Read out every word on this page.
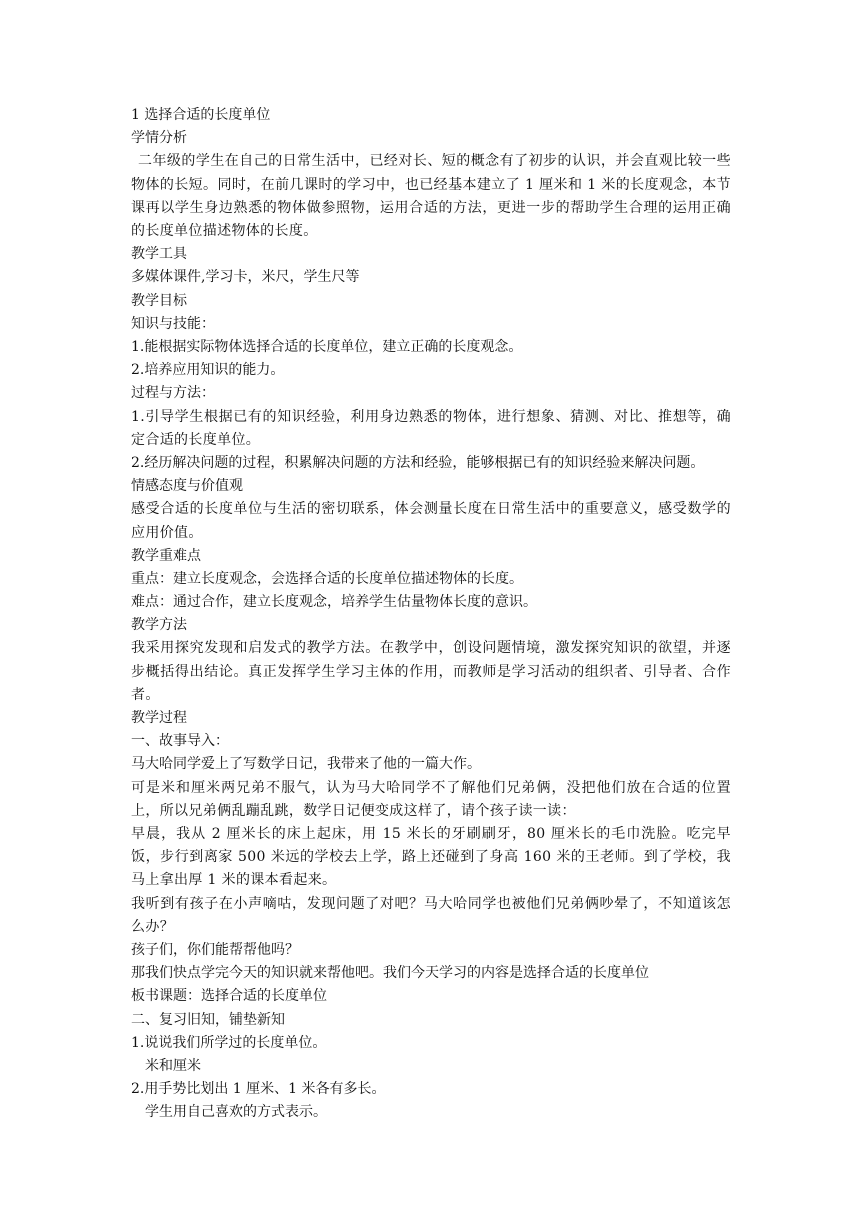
1 选择合适的长度单位
学情分析
二年级的学生在自己的日常生活中，已经对长、短的概念有了初步的认识，并会直观比较一些物体的长短。同时，在前几课时的学习中，也已经基本建立了 1 厘米和 1 米的长度观念，本节课再以学生身边熟悉的物体做参照物，运用合适的方法，更进一步的帮助学生合理的运用正确的长度单位描述物体的长度。
教学工具
多媒体课件,学习卡，米尺，学生尺等
教学目标
知识与技能：
1.能根据实际物体选择合适的长度单位，建立正确的长度观念。
2.培养应用知识的能力。
过程与方法：
1.引导学生根据已有的知识经验，利用身边熟悉的物体，进行想象、猜测、对比、推想等，确定合适的长度单位。
2.经历解决问题的过程，积累解决问题的方法和经验，能够根据已有的知识经验来解决问题。
情感态度与价值观
感受合适的长度单位与生活的密切联系，体会测量长度在日常生活中的重要意义，感受数学的应用价值。
教学重难点
重点：建立长度观念，会选择合适的长度单位描述物体的长度。
难点：通过合作，建立长度观念，培养学生估量物体长度的意识。
教学方法
我采用探究发现和启发式的教学方法。在教学中，创设问题情境，激发探究知识的欲望，并逐步概括得出结论。真正发挥学生学习主体的作用，而教师是学习活动的组织者、引导者、合作者。
教学过程
一、故事导入：
马大哈同学爱上了写数学日记，我带来了他的一篇大作。
可是米和厘米两兄弟不服气，认为马大哈同学不了解他们兄弟俩，没把他们放在合适的位置上，所以兄弟俩乱蹦乱跳，数学日记便变成这样了，请个孩子读一读：
早晨，我从 2 厘米长的床上起床，用 15 米长的牙刷刷牙，80 厘米长的毛巾洗脸。吃完早饭，步行到离家 500 米远的学校去上学，路上还碰到了身高 160 米的王老师。到了学校，我马上拿出厚 1 米的课本看起来。
我听到有孩子在小声嘀咕，发现问题了对吧？马大哈同学也被他们兄弟俩吵晕了，不知道该怎么办？
孩子们，你们能帮帮他吗？
那我们快点学完今天的知识就来帮他吧。我们今天学习的内容是选择合适的长度单位
板书课题：选择合适的长度单位
二、复习旧知，铺垫新知
1.说说我们所学过的长度单位。
米和厘米
2.用手势比划出 1 厘米、1 米各有多长。
学生用自己喜欢的方式表示。
